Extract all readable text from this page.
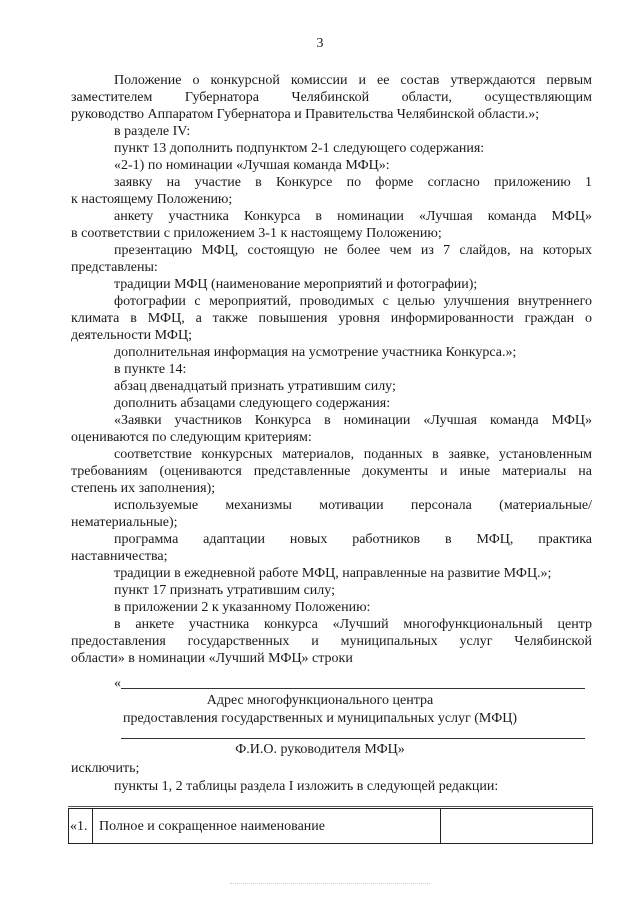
3
Положение о конкурсной комиссии и ее состав утверждаются первым
заместителем Губернатора Челябинской области, осуществляющим
руководство Аппаратом Губернатора и Правительства Челябинской области.»;
в разделе IV:
пункт 13 дополнить подпунктом 2-1 следующего содержания:
«2-1) по номинации «Лучшая команда МФЦ»:
заявку на участие в Конкурсе по форме согласно приложению 1
к настоящему Положению;
анкету участника Конкурса в номинации «Лучшая команда МФЦ»
в соответствии с приложением 3-1 к настоящему Положению;
презентацию МФЦ, состоящую не более чем из 7 слайдов, на которых
представлены:
традиции МФЦ (наименование мероприятий и фотографии);
фотографии с мероприятий, проводимых с целью улучшения внутреннего
климата в МФЦ, а также повышения уровня информированности граждан о
деятельности МФЦ;
дополнительная информация на усмотрение участника Конкурса.»;
в пункте 14:
абзац двенадцатый признать утратившим силу;
дополнить абзацами следующего содержания:
«Заявки участников Конкурса в номинации «Лучшая команда МФЦ»
оцениваются по следующим критериям:
соответствие конкурсных материалов, поданных в заявке, установленным
требованиям (оцениваются представленные документы и иные материалы на
степень их заполнения);
используемые механизмы мотивации персонала (материальные/
нематериальные);
программа адаптации новых работников в МФЦ, практика
наставничества;
традиции в ежедневной работе МФЦ, направленные на развитие МФЦ.»;
пункт 17 признать утратившим силу;
в приложении 2 к указанному Положению:
в анкете участника конкурса «Лучший многофункциональный центр
предоставления государственных и муниципальных услуг Челябинской
области» в номинации «Лучший МФЦ» строки
«
Адрес многофункционального центра
предоставления государственных и муниципальных услуг (МФЦ)
Ф.И.О. руководителя МФЦ»
исключить;
пункты 1, 2 таблицы раздела I изложить в следующей редакции:
«1. Полное и сокращенное наименование
